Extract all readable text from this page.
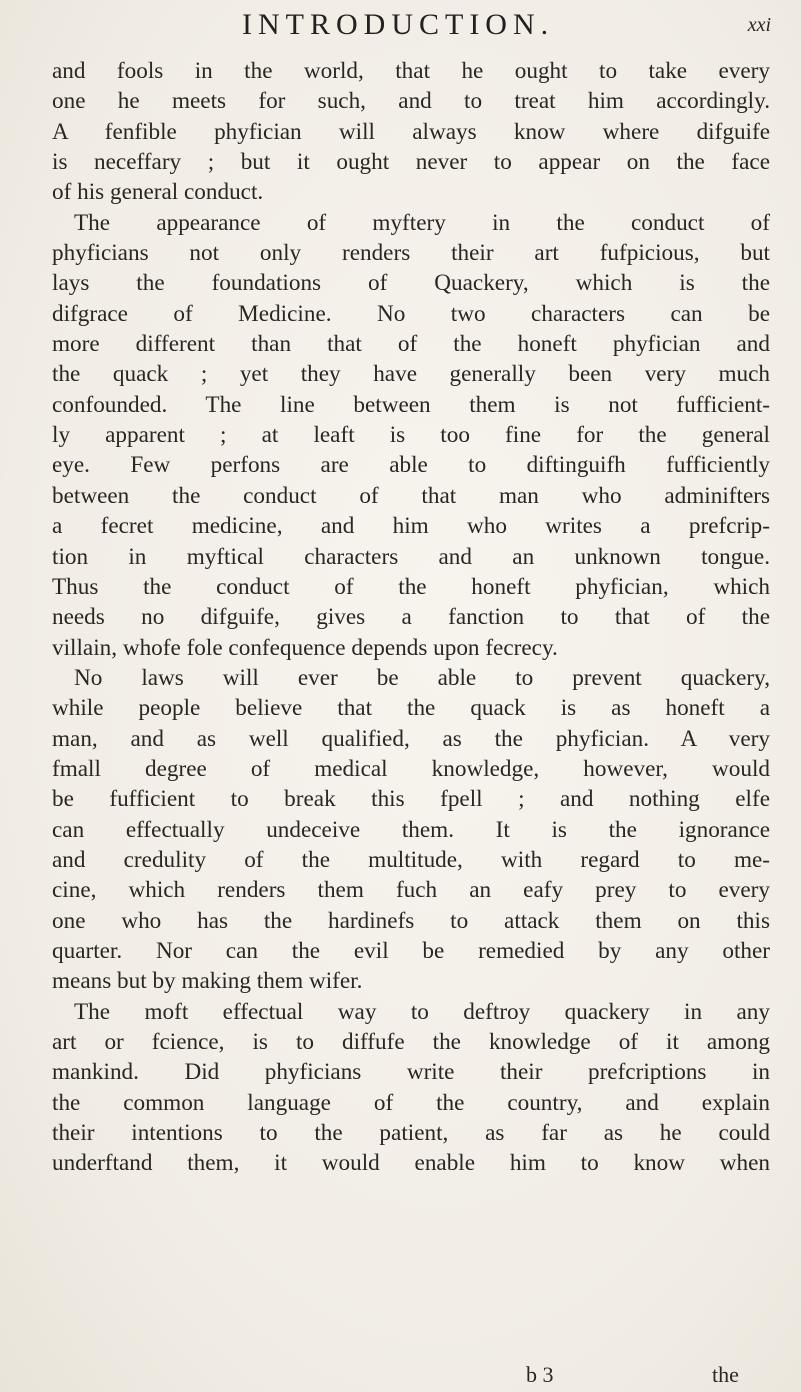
INTRODUCTION.	xxi
and fools in the world, that he ought to take every
one he meets for such, and to treat him accordingly.
A fenfible phyfician will always know where difguife
is neceffary ; but it ought never to appear on the face
of his general conduct.
The appearance of myftery in the conduct of
phyficians not only renders their art fufpicious, but
lays the foundations of Quackery, which is the
difgrace of Medicine. No two characters can be
more different than that of the honeft phyfician and
the quack ; yet they have generally been very much
confounded. The line between them is not fufficient-
ly apparent ; at leaft is too fine for the general
eye. Few perfons are able to diftinguifh fufficiently
between the conduct of that man who adminifters
a fecret medicine, and him who writes a prefcrip-
tion in myftical characters and an unknown tongue.
Thus the conduct of the honeft phyfician, which
needs no difguife, gives a fanction to that of the
villain, whofe fole confequence depends upon fecrecy.
No laws will ever be able to prevent quackery,
while people believe that the quack is as honeft a
man, and as well qualified, as the phyfician. A very
fmall degree of medical knowledge, however, would
be fufficient to break this fpell ; and nothing elfe
can effectually undeceive them. It is the ignorance
and credulity of the multitude, with regard to me-
cine, which renders them fuch an eafy prey to every
one who has the hardinefs to attack them on this
quarter. Nor can the evil be remedied by any other
means but by making them wifer.
The moft effectual way to deftroy quackery in any
art or fcience, is to diffufe the knowledge of it among
mankind. Did phyficians write their prefcriptions in
the common language of the country, and explain
their intentions to the patient, as far as he could
underftand them, it would enable him to know when
b 3	the
